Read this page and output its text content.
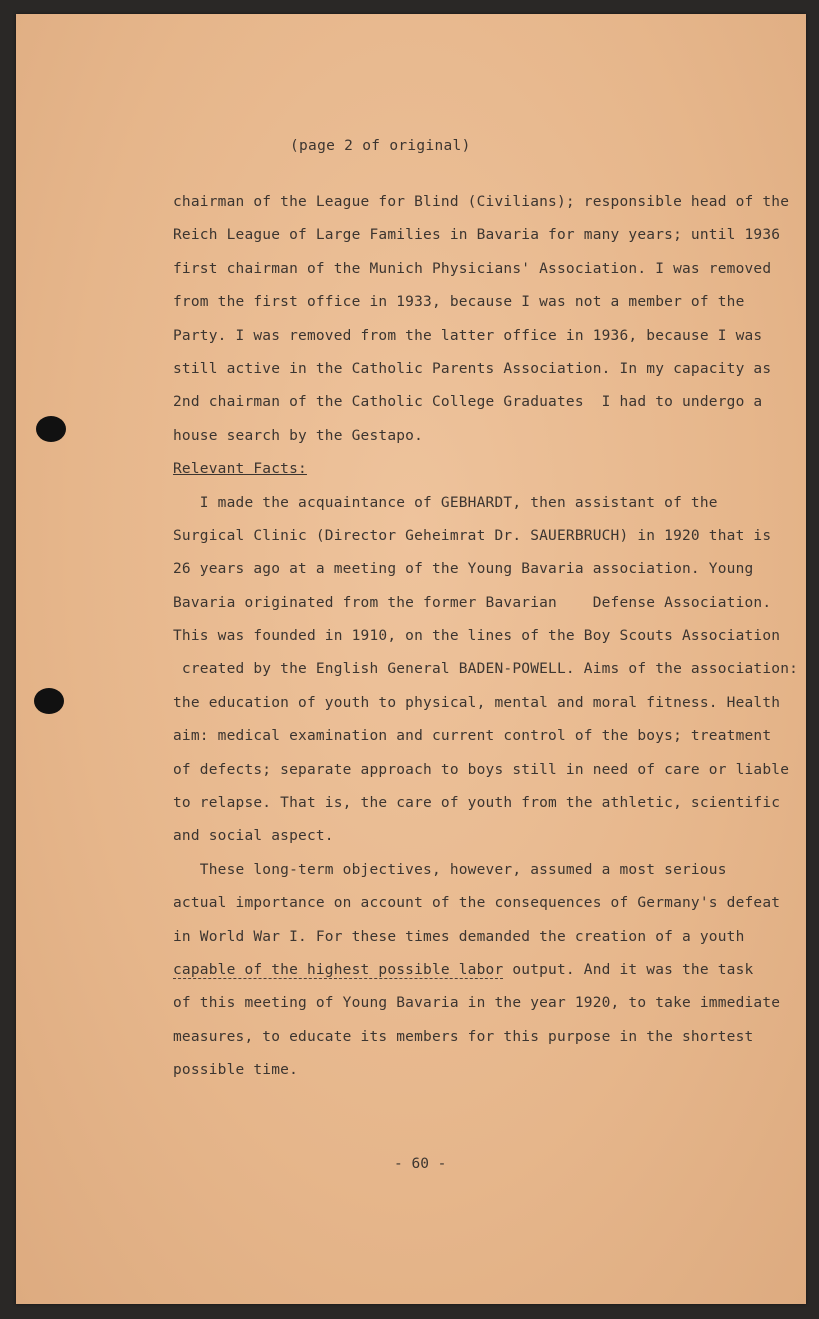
(page 2 of original)
chairman of the League for Blind (Civilians); responsible head of the
Reich League of Large Families in Bavaria for many years; until 1936
first chairman of the Munich Physicians' Association. I was removed
from the first office in 1933, because I was not a member of the
Party. I was removed from the latter office in 1936, because I was
still active in the Catholic Parents Association. In my capacity as
2nd chairman of the Catholic College Graduates  I had to undergo a
house search by the Gestapo.
Relevant Facts:
I made the acquaintance of GEBHARDT, then assistant of the
Surgical Clinic (Director Geheimrat Dr. SAUERBRUCH) in 1920 that is
26 years ago at a meeting of the Young Bavaria association. Young
Bavaria originated from the former Bavarian    Defense Association.
This was founded in 1910, on the lines of the Boy Scouts Association
created by the English General BADEN-POWELL. Aims of the association:
the education of youth to physical, mental and moral fitness. Health
aim: medical examination and current control of the boys; treatment
of defects; separate approach to boys still in need of care or liable
to relapse. That is, the care of youth from the athletic, scientific
and social aspect.
These long-term objectives, however, assumed a most serious
actual importance on account of the consequences of Germany's defeat
in World War I. For these times demanded the creation of a youth
capable of the highest possible labor output. And it was the task
of this meeting of Young Bavaria in the year 1920, to take immediate
measures, to educate its members for this purpose in the shortest
possible time.
- 60 -
